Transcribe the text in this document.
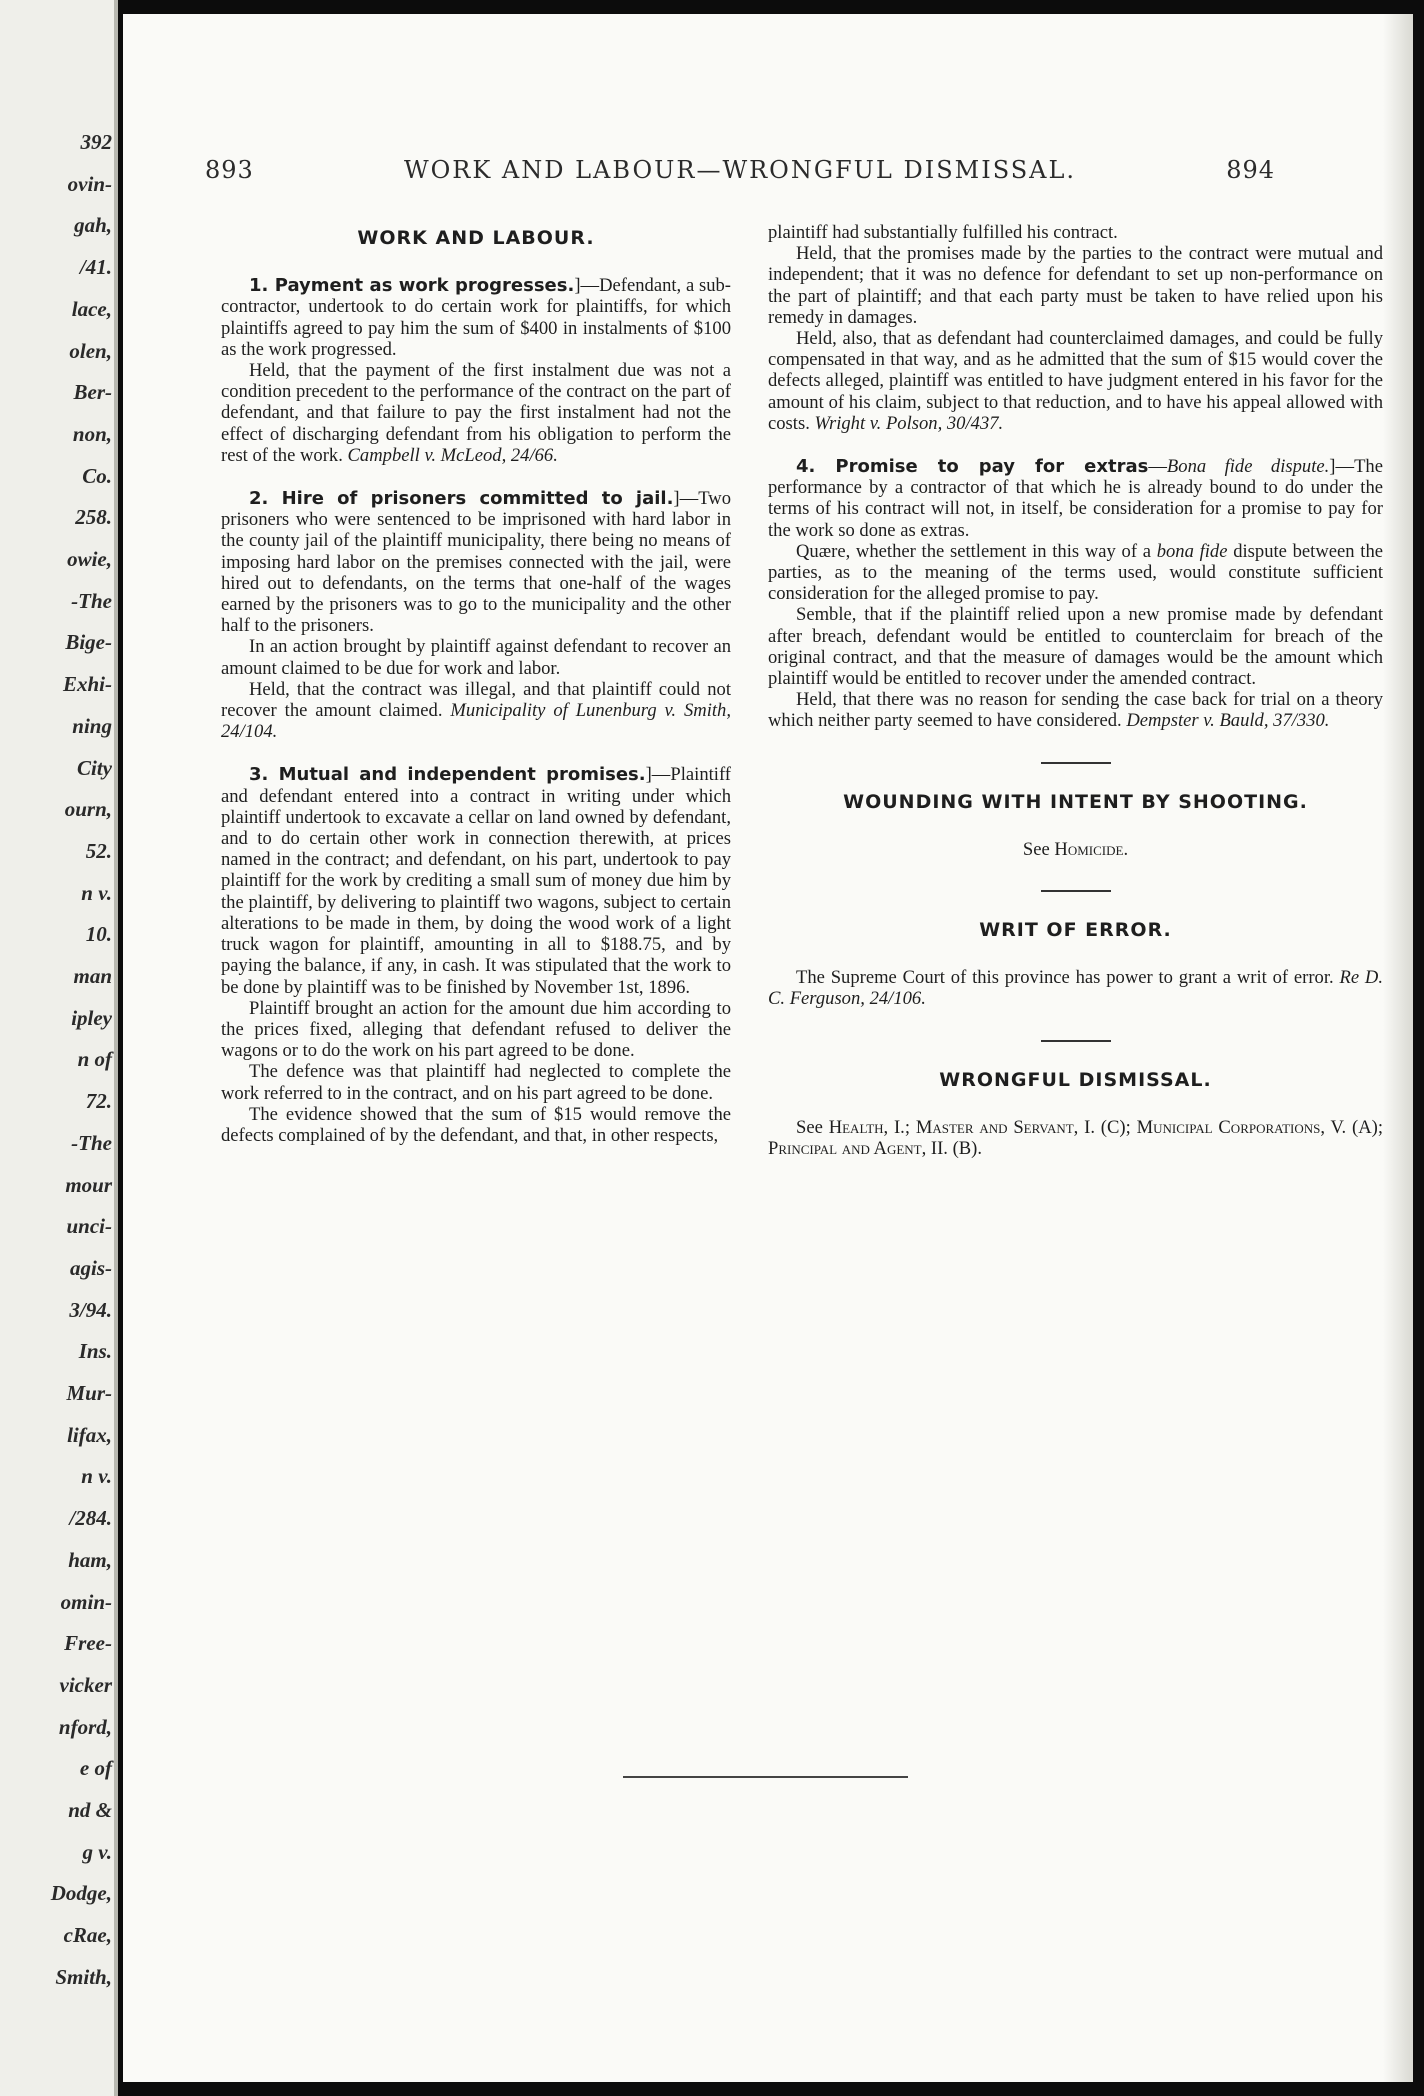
392
ovin-
gah,
/41.
lace,
olen,
Ber-
non,
Co.
258.
owie,
-The
Bige-
Exhi-
ning
City
ourn,
52.
n v.
10.
man
ipley
n of
72.
-The
mour
unci-
agis-
3/94.
Ins.
Mur-
lifax,
n v.
/284.
ham,
omin-
Free-
vicker
nford,
e of
nd &
g v.
Dodge,
cRae,
Smith,
893	WORK AND LABOUR—WRONGFUL DISMISSAL.	894
WORK AND LABOUR.

1. Payment as work progresses.]—Defendant, a sub-contractor, undertook to do certain work for plaintiffs, for which plaintiffs agreed to pay him the sum of $400 in instalments of $100 as the work progressed.

Held, that the payment of the first instalment due was not a condition precedent to the performance of the contract on the part of defendant, and that failure to pay the first instalment had not the effect of discharging defendant from his obligation to perform the rest of the work. Campbell v. McLeod, 24/66.

2. Hire of prisoners committed to jail.]—Two prisoners who were sentenced to be imprisoned with hard labor in the county jail of the plaintiff municipality, there being no means of imposing hard labor on the premises connected with the jail, were hired out to defendants, on the terms that one-half of the wages earned by the prisoners was to go to the municipality and the other half to the prisoners.

In an action brought by plaintiff against defendant to recover an amount claimed to be due for work and labor.

Held, that the contract was illegal, and that plaintiff could not recover the amount claimed. Municipality of Lunenburg v. Smith, 24/104.

3. Mutual and independent promises.]—Plaintiff and defendant entered into a contract in writing under which plaintiff undertook to excavate a cellar on land owned by defendant, and to do certain other work in connection therewith, at prices named in the contract; and defendant, on his part, undertook to pay plaintiff for the work by crediting a small sum of money due him by the plaintiff, by delivering to plaintiff two wagons, subject to certain alterations to be made in them, by doing the wood work of a light truck wagon for plaintiff, amounting in all to $188.75, and by paying the balance, if any, in cash. It was stipulated that the work to be done by plaintiff was to be finished by November 1st, 1896.

Plaintiff brought an action for the amount due him according to the prices fixed, alleging that defendant refused to deliver the wagons or to do the work on his part agreed to be done.

The defence was that plaintiff had neglected to complete the work referred to in the contract, and on his part agreed to be done.

The evidence showed that the sum of $15 would remove the defects complained of by the defendant, and that, in other respects,

plaintiff had substantially fulfilled his contract.

Held, that the promises made by the parties to the contract were mutual and independent; that it was no defence for defendant to set up non-performance on the part of plaintiff; and that each party must be taken to have relied upon his remedy in damages.

Held, also, that as defendant had counterclaimed damages, and could be fully compensated in that way, and as he admitted that the sum of $15 would cover the defects alleged, plaintiff was entitled to have judgment entered in his favor for the amount of his claim, subject to that reduction, and to have his appeal allowed with costs. Wright v. Polson, 30/437.

4. Promise to pay for extras—Bona fide dispute.]—The performance by a contractor of that which he is already bound to do under the terms of his contract will not, in itself, be consideration for a promise to pay for the work so done as extras.

Quære, whether the settlement in this way of a bona fide dispute between the parties, as to the meaning of the terms used, would constitute sufficient consideration for the alleged promise to pay.

Semble, that if the plaintiff relied upon a new promise made by defendant after breach, defendant would be entitled to counterclaim for breach of the original contract, and that the measure of damages would be the amount which plaintiff would be entitled to recover under the amended contract.

Held, that there was no reason for sending the case back for trial on a theory which neither party seemed to have considered. Dempster v. Bauld, 37/330.

WOUNDING WITH INTENT BY SHOOTING.

See Homicide.

WRIT OF ERROR.

The Supreme Court of this province has power to grant a writ of error. Re D. C. Ferguson, 24/106.

WRONGFUL DISMISSAL.

See Health, I.; Master and Servant, I. (C); Municipal Corporations, V. (A); Principal and Agent, II. (B).
